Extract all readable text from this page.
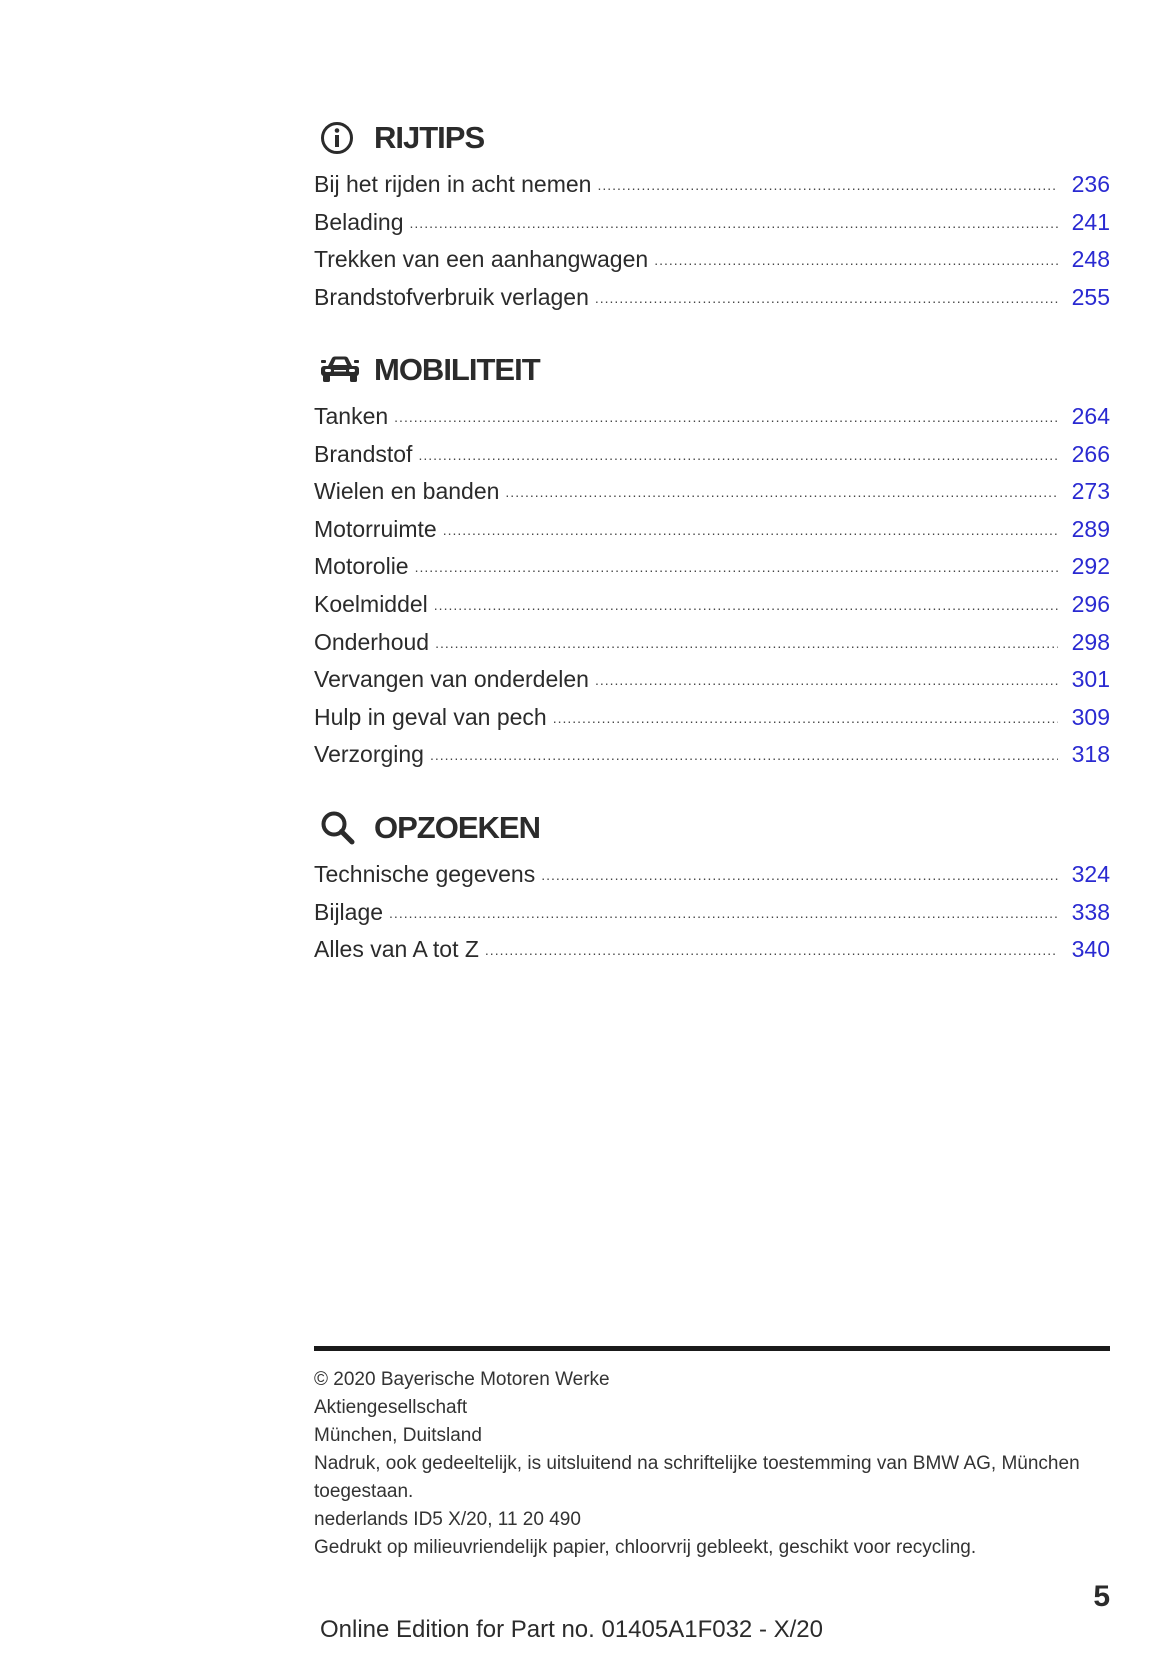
RIJTIPS
Bij het rijden in acht nemen .....	236
Belading .....	241
Trekken van een aanhangwagen .....	248
Brandstofverbruik verlagen .....	255
MOBILITEIT
Tanken .....	264
Brandstof .....	266
Wielen en banden .....	273
Motorruimte .....	289
Motorolie .....	292
Koelmiddel .....	296
Onderhoud .....	298
Vervangen van onderdelen .....	301
Hulp in geval van pech .....	309
Verzorging .....	318
OPZOEKEN
Technische gegevens .....	324
Bijlage .....	338
Alles van A tot Z .....	340

© 2020 Bayerische Motoren Werke

Aktiengesellschaft

München, Duitsland

Nadruk, ook gedeeltelijk, is uitsluitend na schriftelijke toestemming van BMW AG, München toegestaan.

nederlands ID5 X/20, 11 20 490

Gedrukt op milieuvriendelijk papier, chloorvrij gebleekt, geschikt voor recycling.

5
Online Edition for Part no. 01405A1F032 - X/20
